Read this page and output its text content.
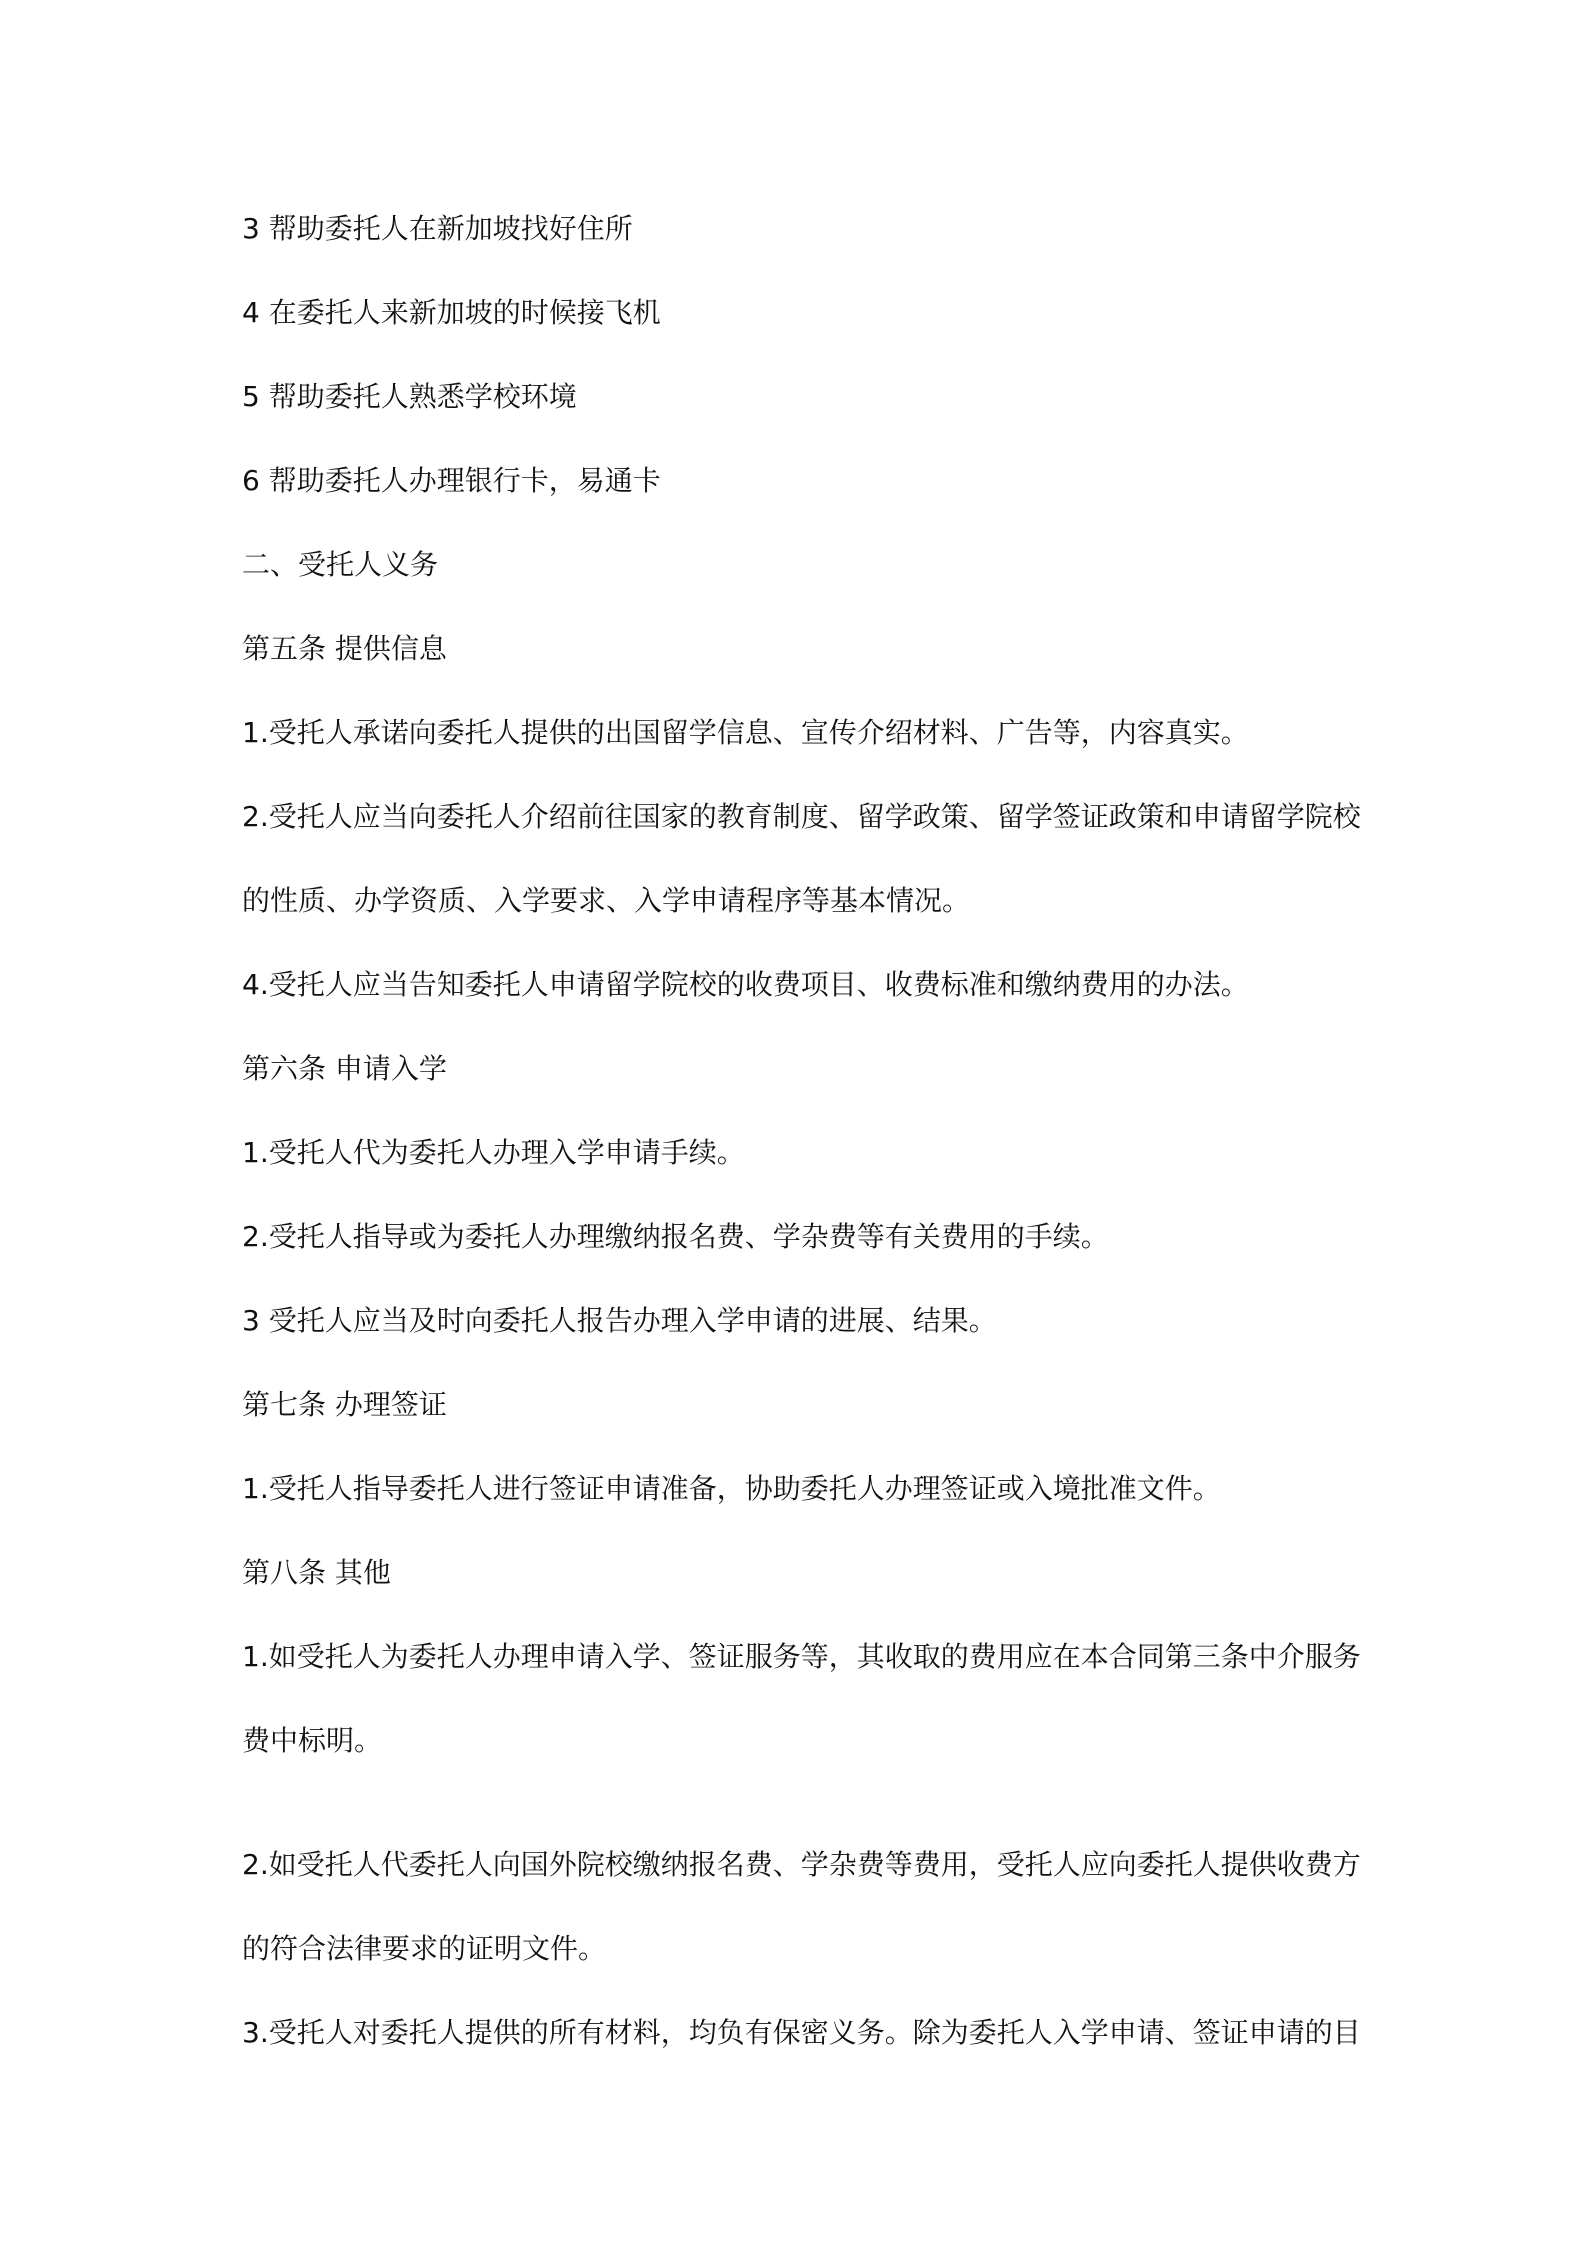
3 帮助委托人在新加坡找好住所

4 在委托人来新加坡的时候接飞机

5 帮助委托人熟悉学校环境

6 帮助委托人办理银行卡，易通卡

二、受托人义务

第五条 提供信息

1.受托人承诺向委托人提供的出国留学信息、宣传介绍材料、广告等，内容真实。

2.受托人应当向委托人介绍前往国家的教育制度、留学政策、留学签证政策和申请留学院校

的性质、办学资质、入学要求、入学申请程序等基本情况。

4.受托人应当告知委托人申请留学院校的收费项目、收费标准和缴纳费用的办法。

第六条 申请入学

1.受托人代为委托人办理入学申请手续。

2.受托人指导或为委托人办理缴纳报名费、学杂费等有关费用的手续。

3 受托人应当及时向委托人报告办理入学申请的进展、结果。

第七条 办理签证

1.受托人指导委托人进行签证申请准备，协助委托人办理签证或入境批准文件。

第八条 其他

1.如受托人为委托人办理申请入学、签证服务等，其收取的费用应在本合同第三条中介服务

费中标明。

2.如受托人代委托人向国外院校缴纳报名费、学杂费等费用，受托人应向委托人提供收费方

的符合法律要求的证明文件。

3.受托人对委托人提供的所有材料，均负有保密义务。除为委托人入学申请、签证申请的目
